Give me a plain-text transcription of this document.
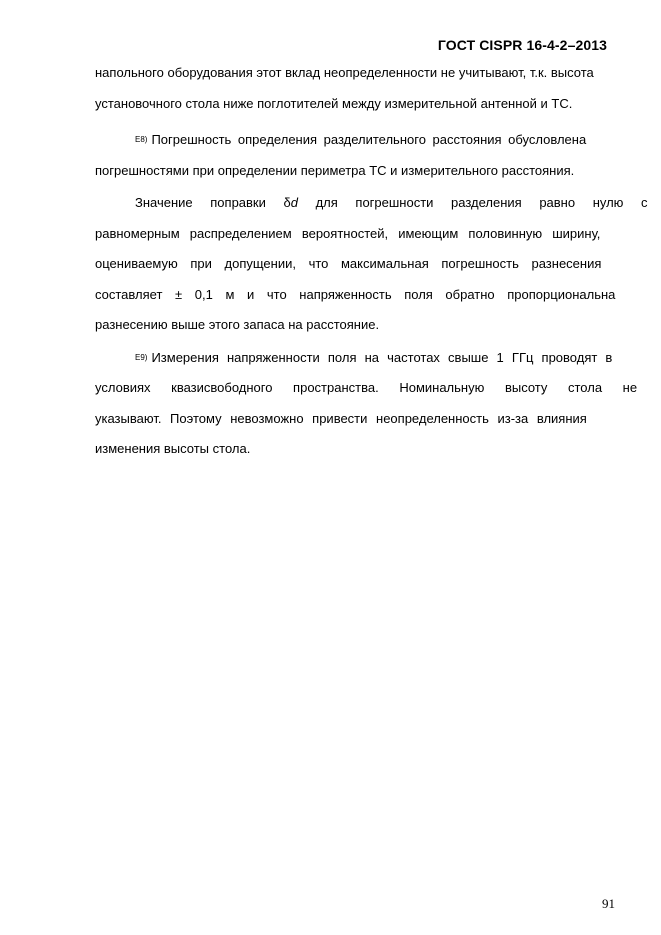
ГОСТ CISPR 16-4-2–2013
напольного оборудования этот вклад неопределенности не учитывают, т.к. высота
установочного стола ниже поглотителей между измерительной антенной и ТС.
E8) Погрешность определения разделительного расстояния обусловлена
погрешностями при определении периметра ТС и измерительного расстояния.
Значение поправки δd для погрешности разделения равно нулю с
равномерным распределением вероятностей, имеющим половинную ширину,
оцениваемую при допущении, что максимальная погрешность разнесения
составляет ± 0,1 м и что напряженность поля обратно пропорциональна
разнесению выше этого запаса на расстояние.
E9) Измерения напряженности поля на частотах свыше 1 ГГц проводят в
условиях квазисвободного пространства. Номинальную высоту стола не
указывают. Поэтому невозможно привести неопределенность из-за влияния
изменения высоты стола.
91
